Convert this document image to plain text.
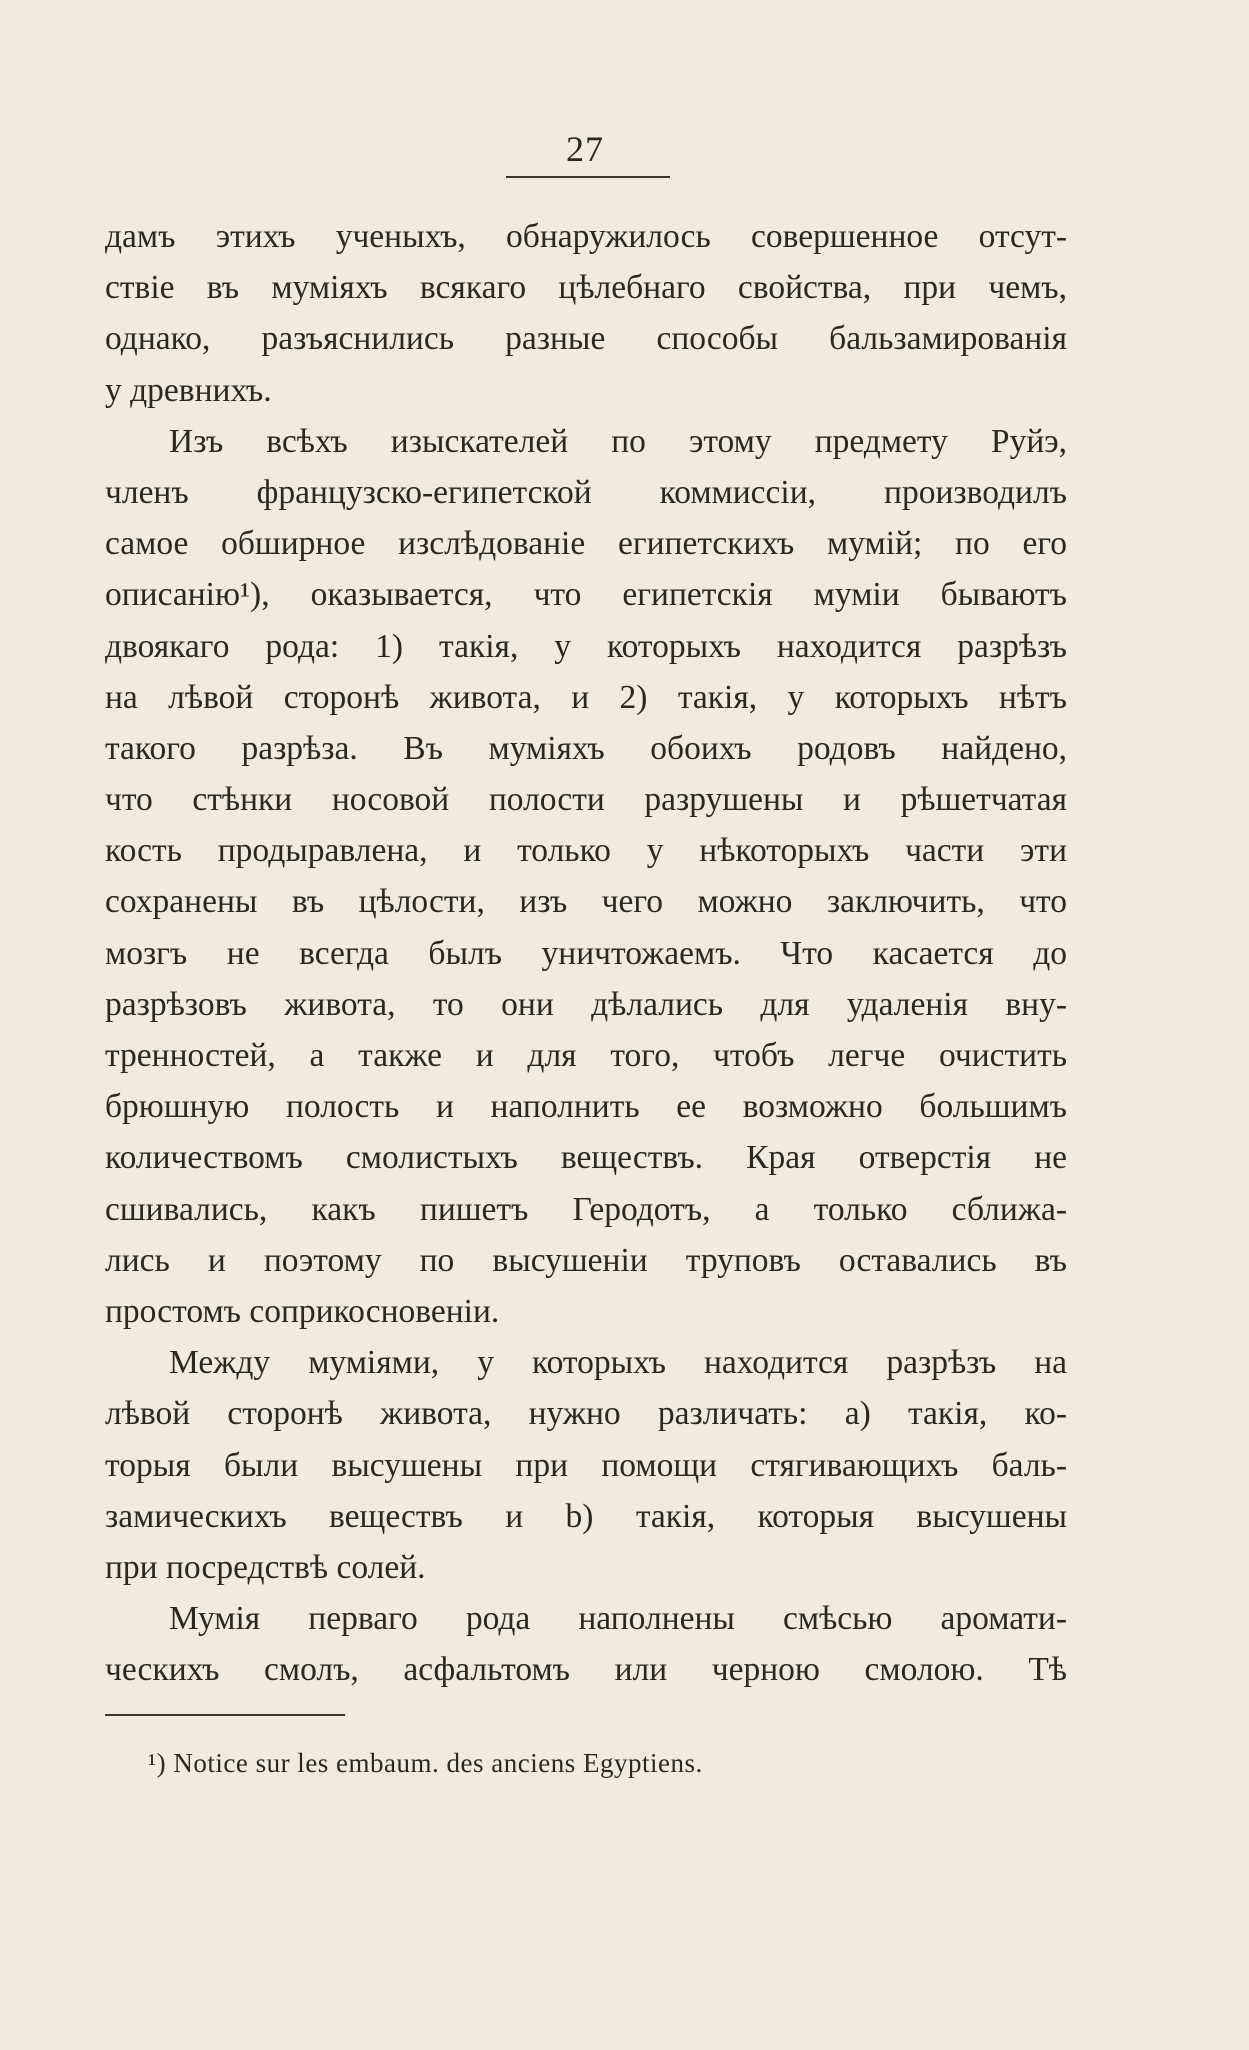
27
дамъ этихъ ученыхъ, обнаружилось совершенное отсут-
ствіе въ мумiяхъ всякаго цѣлебнаго свойства, при чемъ,
однако, разъяснились разные способы бальзамированiя
у древнихъ.
Изъ всѣхъ изыскателей по этому предмету Руйэ,
членъ французско-египетской коммиссiи, производилъ
самое обширное изслѣдованiе египетскихъ мумiй; по его
описанiю¹), оказывается, что египетскiя мумiи бываютъ
двоякаго рода: 1) такiя, у которыхъ находится разрѣзъ
на лѣвой сторонѣ живота, и 2) такiя, у которыхъ нѣтъ
такого разрѣза. Въ мумiяхъ обоихъ родовъ найдено,
что стѣнки носовой полости разрушены и рѣшетчатая
кость продыравлена, и только у нѣкоторыхъ части эти
сохранены въ цѣлости, изъ чего можно заключить, что
мозгъ не всегда былъ уничтожаемъ. Что касается до
разрѣзовъ живота, то они дѣлались для удаленiя вну-
тренностей, а также и для того, чтобъ легче очистить
брюшную полость и наполнить ее возможно большимъ
количествомъ смолистыхъ веществъ. Края отверстiя не
сшивались, какъ пишетъ Геродотъ, а только сближа-
лись и поэтому по высушенiи труповъ оставались въ
простомъ соприкосновенiи.
Между мумiями, у которыхъ находится разрѣзъ на
лѣвой сторонѣ живота, нужно различать: а) такiя, ко-
торыя были высушены при помощи стягивающихъ баль-
замическихъ веществъ и b) такiя, которыя высушены
при посредствѣ солей.
Мумiя перваго рода наполнены смѣсью аромати-
ческихъ смолъ, асфальтомъ или черною смолою. Тѣ
¹) Notice sur les embaum. des anciens Egyptiens.
